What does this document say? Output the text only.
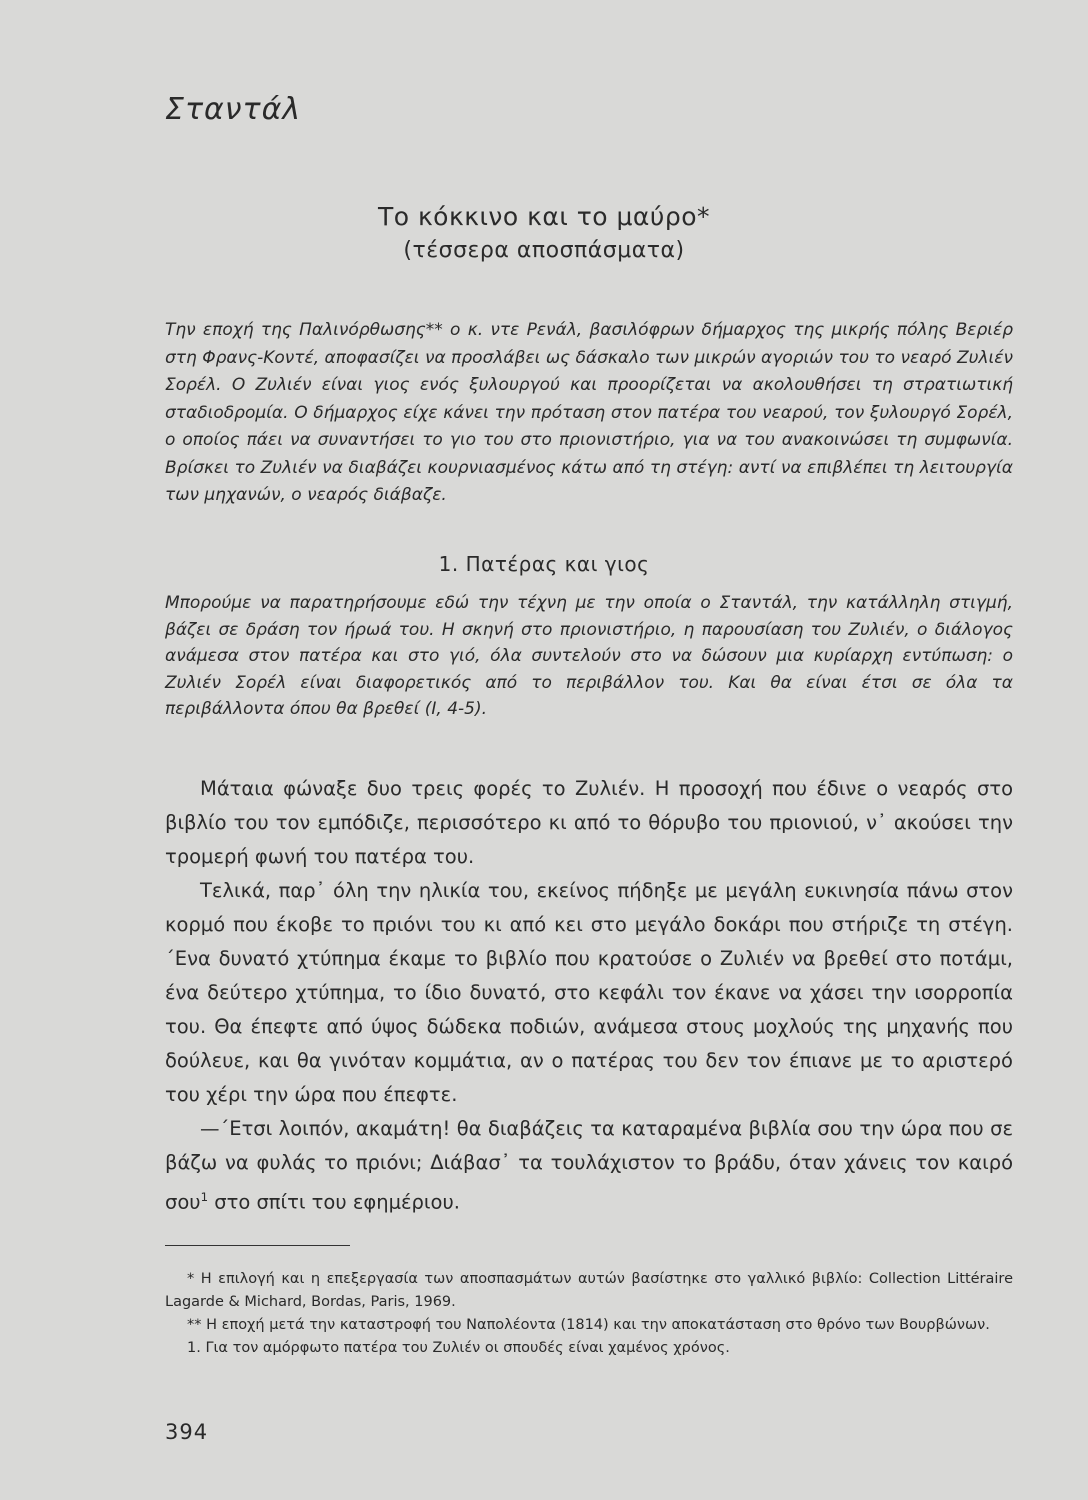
Σταντάλ
Το κόκκινο και το μαύρο*
(τέσσερα αποσπάσματα)

Την εποχή της Παλινόρθωσης** ο κ. ντε Ρενάλ, βασιλόφρων δήμαρχος της μικρής πόλης Βεριέρ στη Φρανς-Κοντέ, αποφασίζει να προσλάβει ως δάσκαλο των μικρών αγοριών του το νεαρό Ζυλιέν Σορέλ. Ο Ζυλιέν είναι γιος ενός ξυλουργού και προορίζεται να ακολουθήσει τη στρατιωτική σταδιοδρομία. Ο δήμαρχος είχε κάνει την πρόταση στον πατέρα του νεαρού, τον ξυλουργό Σορέλ, ο οποίος πάει να συναντήσει το γιο του στο πριονιστήριο, για να του ανακοινώσει τη συμφωνία. Βρίσκει το Ζυλιέν να διαβάζει κουρνιασμένος κάτω από τη στέγη: αντί να επιβλέπει τη λειτουργία των μηχανών, ο νεαρός διάβαζε.

1. Πατέρας και γιος

Μπορούμε να παρατηρήσουμε εδώ την τέχνη με την οποία ο Σταντάλ, την κατάλληλη στιγμή, βάζει σε δράση τον ήρωά του. Η σκηνή στο πριονιστήριο, η παρουσίαση του Ζυλιέν, ο διάλογος ανάμεσα στον πατέρα και στο γιό, όλα συντελούν στο να δώσουν μια κυρίαρχη εντύπωση: ο Ζυλιέν Σορέλ είναι διαφορετικός από το περιβάλλον του. Και θα είναι έτσι σε όλα τα περιβάλλοντα όπου θα βρεθεί (Ι, 4-5).

Μάταια φώναξε δυο τρεις φορές το Ζυλιέν. Η προσοχή που έδινε ο νεαρός στο βιβλίο του τον εμπόδιζε, περισσότερο κι από το θόρυβο του πριονιού, ν᾽ ακούσει την τρομερή φωνή του πατέρα του.

Τελικά, παρ᾽ όλη την ηλικία του, εκείνος πήδηξε με μεγάλη ευκινησία πάνω στον κορμό που έκοβε το πριόνι του κι από κει στο μεγάλο δοκάρι που στήριζε τη στέγη. ΄Ενα δυνατό χτύπημα έκαμε το βιβλίο που κρατούσε ο Ζυλιέν να βρεθεί στο ποτάμι, ένα δεύτερο χτύπημα, το ίδιο δυνατό, στο κεφάλι τον έκανε να χάσει την ισορροπία του. Θα έπεφτε από ύψος δώδεκα ποδιών, ανάμεσα στους μοχλούς της μηχανής που δούλευε, και θα γινόταν κομμάτια, αν ο πατέρας του δεν τον έπιανε με το αριστερό του χέρι την ώρα που έπεφτε.

—΄Ετσι λοιπόν, ακαμάτη! θα διαβάζεις τα καταραμένα βιβλία σου την ώρα που σε βάζω να φυλάς το πριόνι; Διάβασ᾽ τα τουλάχιστον το βράδυ, όταν χάνεις τον καιρό σου$^1$ στο σπίτι του εφημέριου.

* Η επιλογή και η επεξεργασία των αποσπασμάτων αυτών βασίστηκε στο γαλλικό βιβλίο: Collection Littéraire Lagarde & Michard, Bordas, Paris, 1969.

** Η εποχή μετά την καταστροφή του Ναπολέοντα (1814) και την αποκατάσταση στο θρόνο των Βουρβώνων.

1. Για τον αμόρφωτο πατέρα του Ζυλιέν οι σπουδές είναι χαμένος χρόνος.

394
